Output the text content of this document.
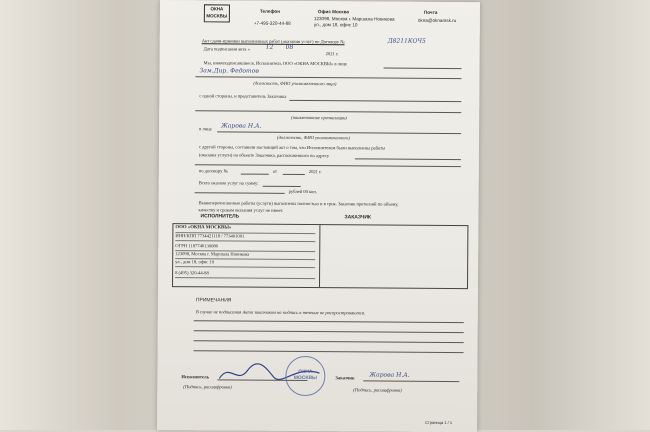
ОКНА
МОСКВЫ
Телефон
+7-495-320-44-88
Офис Москва
123098, Москва г. Маршала Новикова
ул., дом 18, офис 10
Почта
okna@oknamsk.ru
Акт сдачи-приемки выполненных работ (оказания услуг) по Договору №	Д8211КОЧ5
Дата подписания акта «	12 08
2021 г.
Мы, нижеподписавшиеся, Исполнитель ООО «ОКНА МОСКВЫ» в лице
Зам.Дир. Федотов
(должность, ФИО уполномоченного лица)
с одной стороны, и представитель Заказчика
(наименование организации)
в лице Жарова Н.А.
(должность, ФИО уполномоченного)
с другой стороны, составили настоящий акт о том, что Исполнителем были выполнены работы
(оказаны услуги) на объекте Заказчика, расположенного по адресу
по договору №	от	2021 г.
Всего оказано услуг на сумму:
рублей 00 коп.
Вышеперечисленные работы (услуги) выполнены полностью и в срок. Заказчик претензий по объему,
качеству и срокам оказания услуг не имеет.
ИСПОЛНИТЕЛЬ	ЗАКАЗЧИК
ООО «ОКНА МОСКВЫ»
ИНН/КПП 7734421118 / 773401001
ОГРН 1187746130086
123098, Москва г. Маршала Новикова
ул., дом 18, офис 10
8 (495) 320-44-88
ПРИМЕЧАНИЯ
В случае не подписания Акта заказчиком на подпись в течение не распространяются.
Исполнитель
ОКНА
МОСКВЫ
(Подпись, расшифровка)
Заказчик Жарова Н.А.
(Подпись, расшифровка)
Страница 1 / 1
